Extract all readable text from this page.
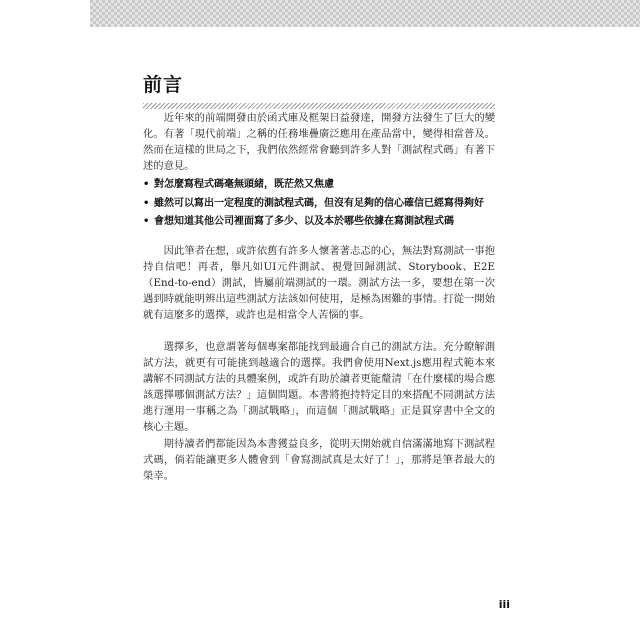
前言

近年來的前端開發由於函式庫及框架日益發達，開發方法發生了巨大的變化。有著「現代前端」之稱的任務堆疊廣泛應用在產品當中，變得相當普及。然而在這樣的世局之下，我們依然經常會聽到許多人對「測試程式碼」有著下述的意見。

• 對怎麼寫程式碼毫無頭緒，既茫然又焦慮
• 雖然可以寫出一定程度的測試程式碼，但沒有足夠的信心確信已經寫得夠好
• 會想知道其他公司裡面寫了多少、以及本於哪些依據在寫測試程式碼

因此筆者在想，或許依舊有許多人懷著著忐忑的心，無法對寫測試一事抱持自信吧！再者，舉凡如UI元件測試、視覺回歸測試、Storybook、E2E（End-to-end）測試，皆屬前端測試的一環。測試方法一多，要想在第一次遇到時就能明辨出這些測試方法該如何使用，是極為困難的事情。打從一開始就有這麼多的選擇，或許也是相當令人苦惱的事。

選擇多，也意謂著每個專案都能找到最適合自己的測試方法。充分瞭解測試方法，就更有可能挑到越適合的選擇。我們會使用Next.js應用程式範本來講解不同測試方法的具體案例，或許有助於讀者更能釐清「在什麼樣的場合應該選擇哪個測試方法？」這個問題。本書將抱持特定目的來搭配不同測試方法進行運用一事稱之為「測試戰略」，而這個「測試戰略」正是貫穿書中全文的核心主題。

期待讀者們都能因為本書獲益良多，從明天開始就自信滿滿地寫下測試程式碼，倘若能讓更多人體會到「會寫測試真是太好了！」，那將是筆者最大的榮幸。

iii
